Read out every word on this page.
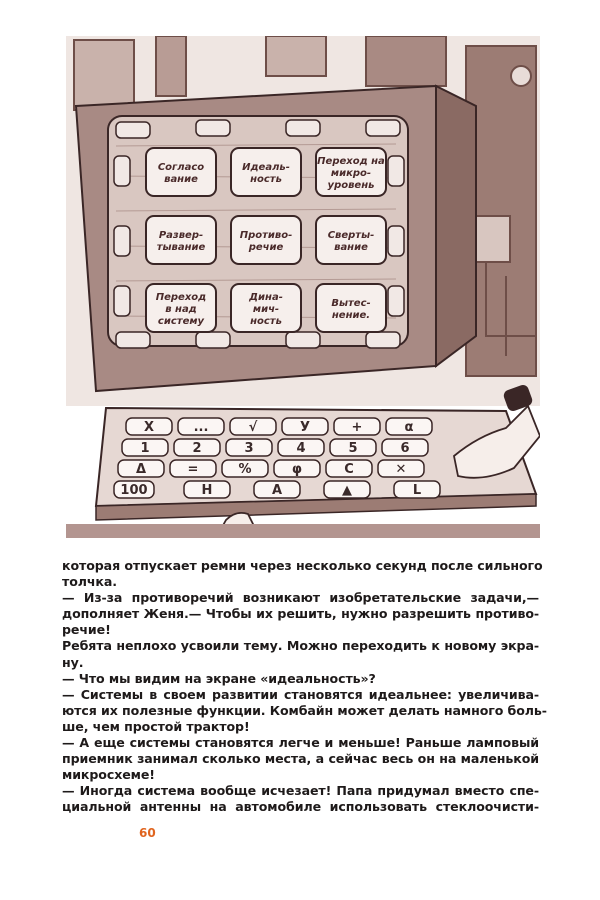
Согласо
вание
Идеаль-
ность
Переход на
микро-
уровень
Развер-
тывание
Противо-
речие
Сверты-
вание
Переход
в над
систему
Дина-
мич-
ность
Вытес-
нение.
X	...	√	У	+	α
1	2	3	4	5	6
Δ	=	%	φ	C	✕
100	Н	А	▲	L
которая отпускает ремни через несколько секунд после сильного
толчка.
— Из-за противоречий возникают изобретательские задачи,—
дополняет Женя.— Чтобы их решить, нужно разрешить противо-
речие!
Ребята неплохо усвоили тему. Можно переходить к новому экра-
ну.
— Что мы видим на экране «идеальность»?
— Системы в своем развитии становятся идеальнее: увеличива-
ются их полезные функции. Комбайн может делать намного боль-
ше, чем простой трактор!
— А еще системы становятся легче и меньше! Раньше ламповый
приемник занимал сколько места, а сейчас весь он на маленькой
микросхеме!
— Иногда система вообще исчезает! Папа придумал вместо спе-
циальной антенны на автомобиле использовать стеклоочисти-
60
